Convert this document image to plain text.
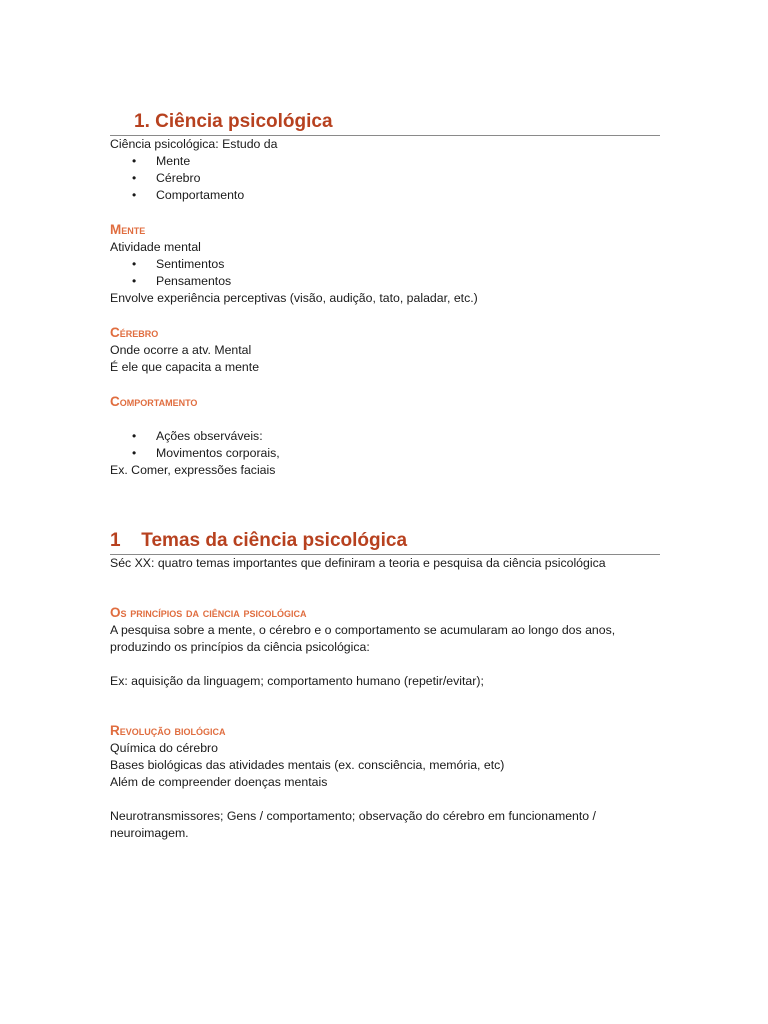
1. Ciência psicológica

Ciência psicológica: Estudo da

• Mente
• Cérebro
• Comportamento
Mente

Atividade mental

• Sentimentos
• Pensamentos

Envolve experiência perceptivas (visão, audição, tato, paladar, etc.)

Cérebro

Onde ocorre a atv. Mental

É ele que capacita a mente

Comportamento
• Ações observáveis:
• Movimentos corporais,

Ex. Comer, expressões faciais

1 Temas da ciência psicológica

Séc XX: quatro temas importantes que definiram a teoria e pesquisa da ciência psicológica

Os princípios da ciência psicológica

A pesquisa sobre a mente, o cérebro e o comportamento se acumularam ao longo dos anos,

produzindo os princípios da ciência psicológica:

Ex: aquisição da linguagem; comportamento humano (repetir/evitar);

Revolução biológica

Química do cérebro

Bases biológicas das atividades mentais (ex. consciência, memória, etc)

Além de compreender doenças mentais

Neurotransmissores; Gens / comportamento; observação do cérebro em funcionamento /

neuroimagem.
